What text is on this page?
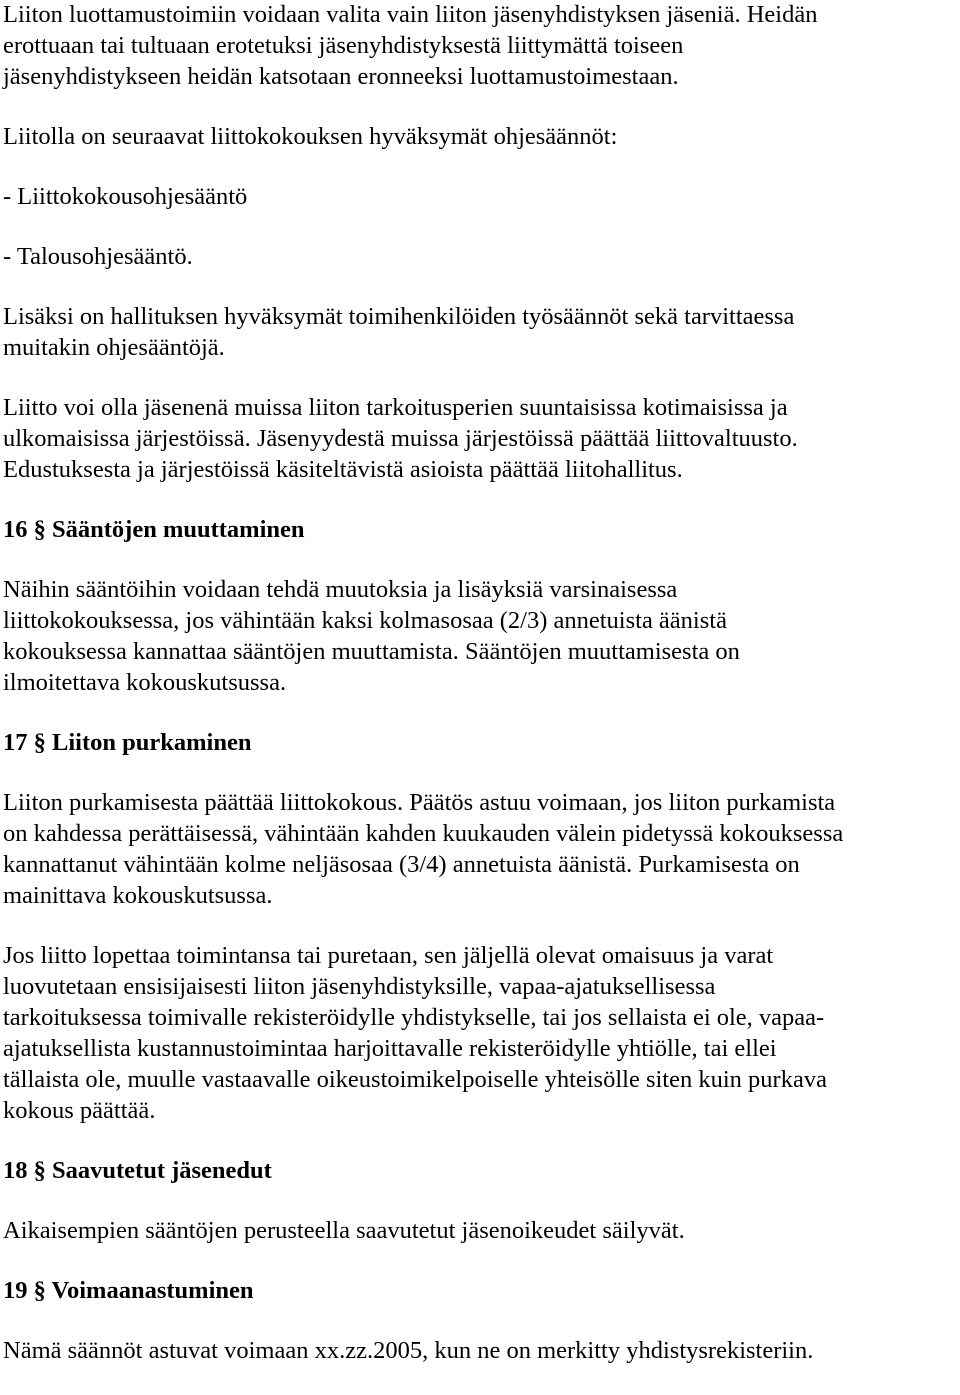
Liiton luottamustoimiin voidaan valita vain liiton jäsenyhdistyksen jäseniä. Heidän
erottuaan tai tultuaan erotetuksi jäsenyhdistyksestä liittymättä toiseen
jäsenyhdistykseen heidän katsotaan eronneeksi luottamustoimestaan.

Liitolla on seuraavat liittokokouksen hyväksymät ohjesäännöt:

- Liittokokousohjesääntö

- Talousohjesääntö.

Lisäksi on hallituksen hyväksymät toimihenkilöiden työsäännöt sekä tarvittaessa
muitakin ohjesääntöjä.

Liitto voi olla jäsenenä muissa liiton tarkoitusperien suuntaisissa kotimaisissa ja
ulkomaisissa järjestöissä. Jäsenyydestä muissa järjestöissä päättää liittovaltuusto.
Edustuksesta ja järjestöissä käsiteltävistä asioista päättää liitohallitus.

16 § Sääntöjen muuttaminen

Näihin sääntöihin voidaan tehdä muutoksia ja lisäyksiä varsinaisessa
liittokokouksessa, jos vähintään kaksi kolmasosaa (2/3) annetuista äänistä
kokouksessa kannattaa sääntöjen muuttamista. Sääntöjen muuttamisesta on
ilmoitettava kokouskutsussa.

17 § Liiton purkaminen

Liiton purkamisesta päättää liittokokous. Päätös astuu voimaan, jos liiton purkamista
on kahdessa perättäisessä, vähintään kahden kuukauden välein pidetyssä kokouksessa
kannattanut vähintään kolme neljäsosaa (3/4) annetuista äänistä. Purkamisesta on
mainittava kokouskutsussa.

Jos liitto lopettaa toimintansa tai puretaan, sen jäljellä olevat omaisuus ja varat
luovutetaan ensisijaisesti liiton jäsenyhdistyksille, vapaa-ajatuksellisessa
tarkoituksessa toimivalle rekisteröidylle yhdistykselle, tai jos sellaista ei ole, vapaa-
ajatuksellista kustannustoimintaa harjoittavalle rekisteröidylle yhtiölle, tai ellei
tällaista ole, muulle vastaavalle oikeustoimikelpoiselle yhteisölle siten kuin purkava
kokous päättää.

18 § Saavutetut jäsenedut

Aikaisempien sääntöjen perusteella saavutetut jäsenoikeudet säilyvät.

19 § Voimaanastuminen

Nämä säännöt astuvat voimaan xx.zz.2005, kun ne on merkitty yhdistysrekisteriin.
